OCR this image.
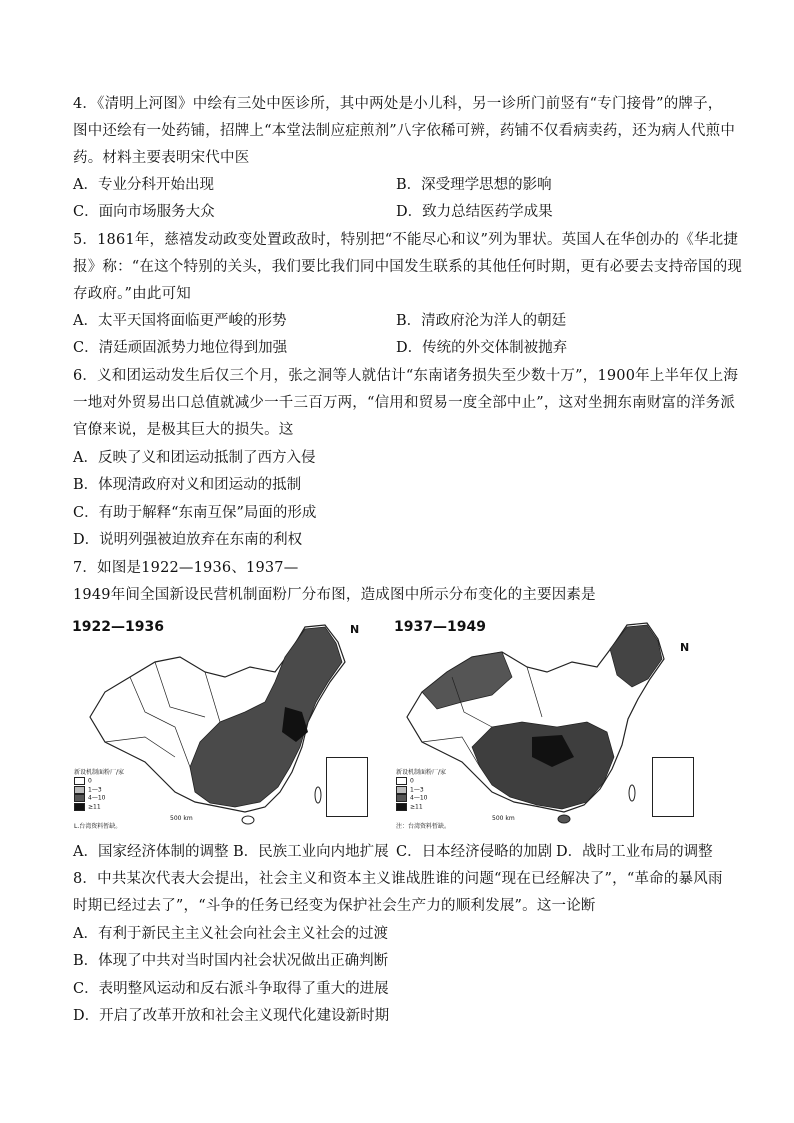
4．《清明上河图》中绘有三处中医诊所，其中两处是小儿科，另一诊所门前竖有“专门接骨”的牌子，
图中还绘有一处药铺，招牌上“本堂法制应症煎剂”八字依稀可辨，药铺不仅看病卖药，还为病人代煎中
药。材料主要表明宋代中医
A．专业分科开始出现	B．深受理学思想的影响
C．面向市场服务大众	D．致力总结医药学成果
5．1861年，慈禧发动政变处置政敌时，特别把“不能尽心和议”列为罪状。英国人在华创办的《华北捷
报》称：“在这个特别的关头，我们要比我们同中国发生联系的其他任何时期，更有必要去支持帝国的现
存政府。”由此可知
A．太平天国将面临更严峻的形势	B．清政府沦为洋人的朝廷
C．清廷顽固派势力地位得到加强	D．传统的外交体制被抛弃
6．义和团运动发生后仅三个月，张之洞等人就估计“东南诸务损失至少数十万”，1900年上半年仅上海
一地对外贸易出口总值就减少一千三百万两，“信用和贸易一度全部中止”，这对坐拥东南财富的洋务派
官僚来说，是极其巨大的损失。这
A．反映了义和团运动抵制了西方入侵
B．体现清政府对义和团运动的抵制
C．有助于解释“东南互保”局面的形成
D．说明列强被迫放弃在东南的利权
7．如图是1922—1936、1937—
1949年间全国新设民营机制面粉厂分布图，造成图中所示分布变化的主要因素是
1922—1936	N
新设机制面粉厂/家
0
1—3
4—10
≥11
L.台湾资料暂缺。
500 km
1937—1949
N
新设机制面粉厂/家
0
1—3
4—10
≥11
注：台湾资料暂缺。
500 km
A．国家经济体制的调整 B．民族工业向内地扩展 C．日本经济侵略的加剧 D．战时工业布局的调整
8．中共某次代表大会提出，社会主义和资本主义谁战胜谁的问题“现在已经解决了”，“革命的暴风雨
时期已经过去了”，“斗争的任务已经变为保护社会生产力的顺利发展”。这一论断
A．有利于新民主主义社会向社会主义社会的过渡
B．体现了中共对当时国内社会状况做出正确判断
C．表明整风运动和反右派斗争取得了重大的进展
D．开启了改革开放和社会主义现代化建设新时期
